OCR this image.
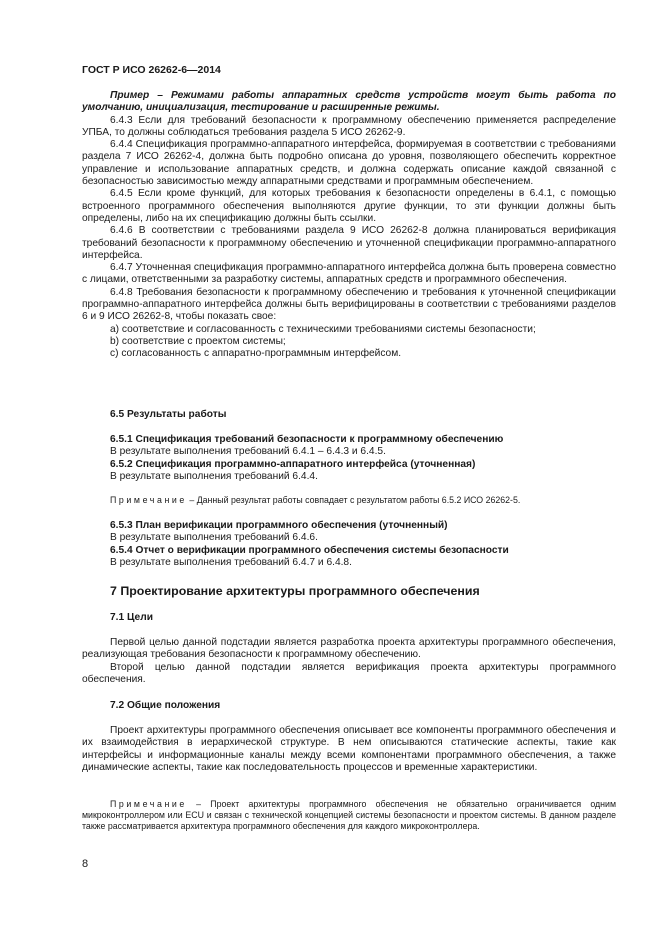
ГОСТ Р ИСО 26262-6—2014

Пример – Режимами работы аппаратных средств устройств могут быть работа по умолчанию, инициализация, тестирование и расширенные режимы.

6.4.3 Если для требований безопасности к программному обеспечению применяется распределение УПБА, то должны соблюдаться требования раздела 5 ИСО 26262-9.

6.4.4 Спецификация программно-аппаратного интерфейса, формируемая в соответствии с требованиями раздела 7 ИСО 26262-4, должна быть подробно описана до уровня, позволяющего обеспечить корректное управление и использование аппаратных средств, и должна содержать описание каждой связанной с безопасностью зависимостью между аппаратными средствами и программным обеспечением.

6.4.5 Если кроме функций, для которых требования к безопасности определены в 6.4.1, с помощью встроенного программного обеспечения выполняются другие функции, то эти функции должны быть определены, либо на их спецификацию должны быть ссылки.

6.4.6 В соответствии с требованиями раздела 9 ИСО 26262-8 должна планироваться верификация требований безопасности к программному обеспечению и уточненной спецификации программно-аппаратного интерфейса.

6.4.7 Уточненная спецификация программно-аппаратного интерфейса должна быть проверена совместно с лицами, ответственными за разработку системы, аппаратных средств и программного обеспечения.

6.4.8 Требования безопасности к программному обеспечению и требования к уточненной спецификации программно-аппаратного интерфейса должны быть верифицированы в соответствии с требованиями разделов 6 и 9 ИСО 26262-8, чтобы показать свое:

а) соответствие и согласованность с техническими требованиями системы безопасности;

b) соответствие с проектом системы;

с) согласованность с аппаратно-программным интерфейсом.

6.5 Результаты работы

6.5.1 Спецификация требований безопасности к программному обеспечению

В результате выполнения требований 6.4.1 – 6.4.3 и 6.4.5.

6.5.2 Спецификация программно-аппаратного интерфейса (уточненная)

В результате выполнения требований 6.4.4.

Примечание – Данный результат работы совпадает с результатом работы 6.5.2 ИСО 26262-5.

6.5.3 План верификации программного обеспечения (уточненный)

В результате выполнения требований 6.4.6.

6.5.4 Отчет о верификации программного обеспечения системы безопасности

В результате выполнения требований 6.4.7 и 6.4.8.

7 Проектирование архитектуры программного обеспечения

7.1 Цели

Первой целью данной подстадии является разработка проекта архитектуры программного обеспечения, реализующая требования безопасности к программному обеспечению.

Второй целью данной подстадии является верификация проекта архитектуры программного обеспечения.

7.2 Общие положения

Проект архитектуры программного обеспечения описывает все компоненты программного обеспечения и их взаимодействия в иерархической структуре. В нем описываются статические аспекты, такие как интерфейсы и информационные каналы между всеми компонентами программного обеспечения, а также динамические аспекты, такие как последовательность процессов и временные характеристики.

Примечание – Проект архитектуры программного обеспечения не обязательно ограничивается одним микроконтроллером или ECU и связан с технической концепцией системы безопасности и проектом системы. В данном разделе также рассматривается архитектура программного обеспечения для каждого микроконтроллера.

8
